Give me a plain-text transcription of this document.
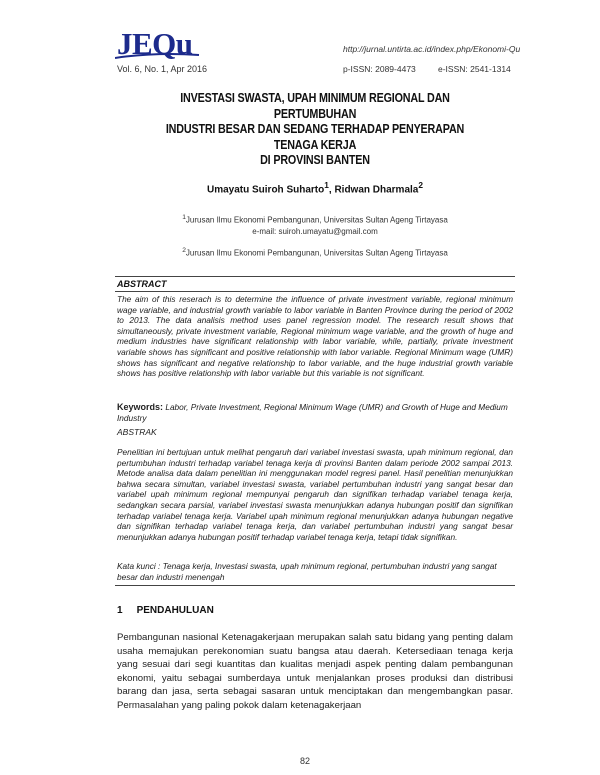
JEQu
Vol. 6, No. 1, Apr 2016
http://jurnal.untirta.ac.id/index.php/Ekonomi-Qu
p-ISSN: 2089-4473	e-ISSN: 2541-1314
INVESTASI SWASTA, UPAH MINIMUM REGIONAL DAN PERTUMBUHAN
INDUSTRI BESAR DAN SEDANG TERHADAP PENYERAPAN TENAGA KERJA
DI PROVINSI BANTEN
Umayatu Suiroh Suharto$^1$, Ridwan Dharmala$^2$
$^1$Jurusan Ilmu Ekonomi Pembangunan, Universitas Sultan Ageng Tirtayasa
e-mail: suiroh.umayatu@gmail.com
$^2$Jurusan Ilmu Ekonomi Pembangunan, Universitas Sultan Ageng Tirtayasa
ABSTRACT
The aim of this reserach is to determine the influence of private investment variable, regional minimum wage variable, and industrial growth variable to labor variable in Banten Province during the period of 2002 to 2013. The data analisis method uses panel regression model. The research result shows that simultaneously, private investment variable, Regional minimum wage variable, and the growth of huge and medium industries have significant relationship with labor variable, while, partially, private investment variable shows has significant and positive relationship with labor variable. Regional Minimum wage (UMR) shows has significant and negative relationship to labor variable, and the huge industrial growth variable shows has positive relationship with labor variable but this variable is not significant.
Keywords: Labor, Private Investment, Regional Minimum Wage (UMR) and Growth of Huge and Medium Industry
ABSTRAK
Penelitian ini bertujuan untuk melihat pengaruh dari variabel investasi swasta, upah minimum regional, dan pertumbuhan industri terhadap variabel tenaga kerja di provinsi Banten dalam periode 2002 sampai 2013. Metode analisa data dalam penelitian ini menggunakan model regresi panel. Hasil penelitian menunjukkan bahwa secara simultan, variabel investasi swasta, variabel pertumbuhan industri yang sangat besar dan variabel upah minimum regional mempunyai pengaruh dan signifikan terhadap variabel tenaga kerja, sedangkan secara parsial, variabel investasi swasta menunjukkan adanya hubungan positif dan signifikan terhadap variabel tenaga kerja. Variabel upah minimum regional menunjukkan adanya hubungan negative dan signifikan terhadap variabel tenaga kerja, dan variabel pertumbuhan industri yang sangat besar menunjukkan adanya hubungan positif terhadap variabel tenaga kerja, tetapi tidak signifikan.
Kata kunci : Tenaga kerja, Investasi swasta, upah minimum regional, pertumbuhan industri yang sangat besar dan industri menengah
1 PENDAHULUAN
Pembangunan nasional Ketenagakerjaan merupakan salah satu bidang yang penting dalam usaha memajukan perekonomian suatu bangsa atau daerah. Ketersediaan tenaga kerja yang sesuai dari segi kuantitas dan kualitas menjadi aspek penting dalam pembangunan ekonomi, yaitu sebagai sumberdaya untuk menjalankan proses produksi dan distribusi barang dan jasa, serta sebagai sasaran untuk menciptakan dan mengembangkan pasar. Permasalahan yang paling pokok dalam ketenagakerjaan
82
